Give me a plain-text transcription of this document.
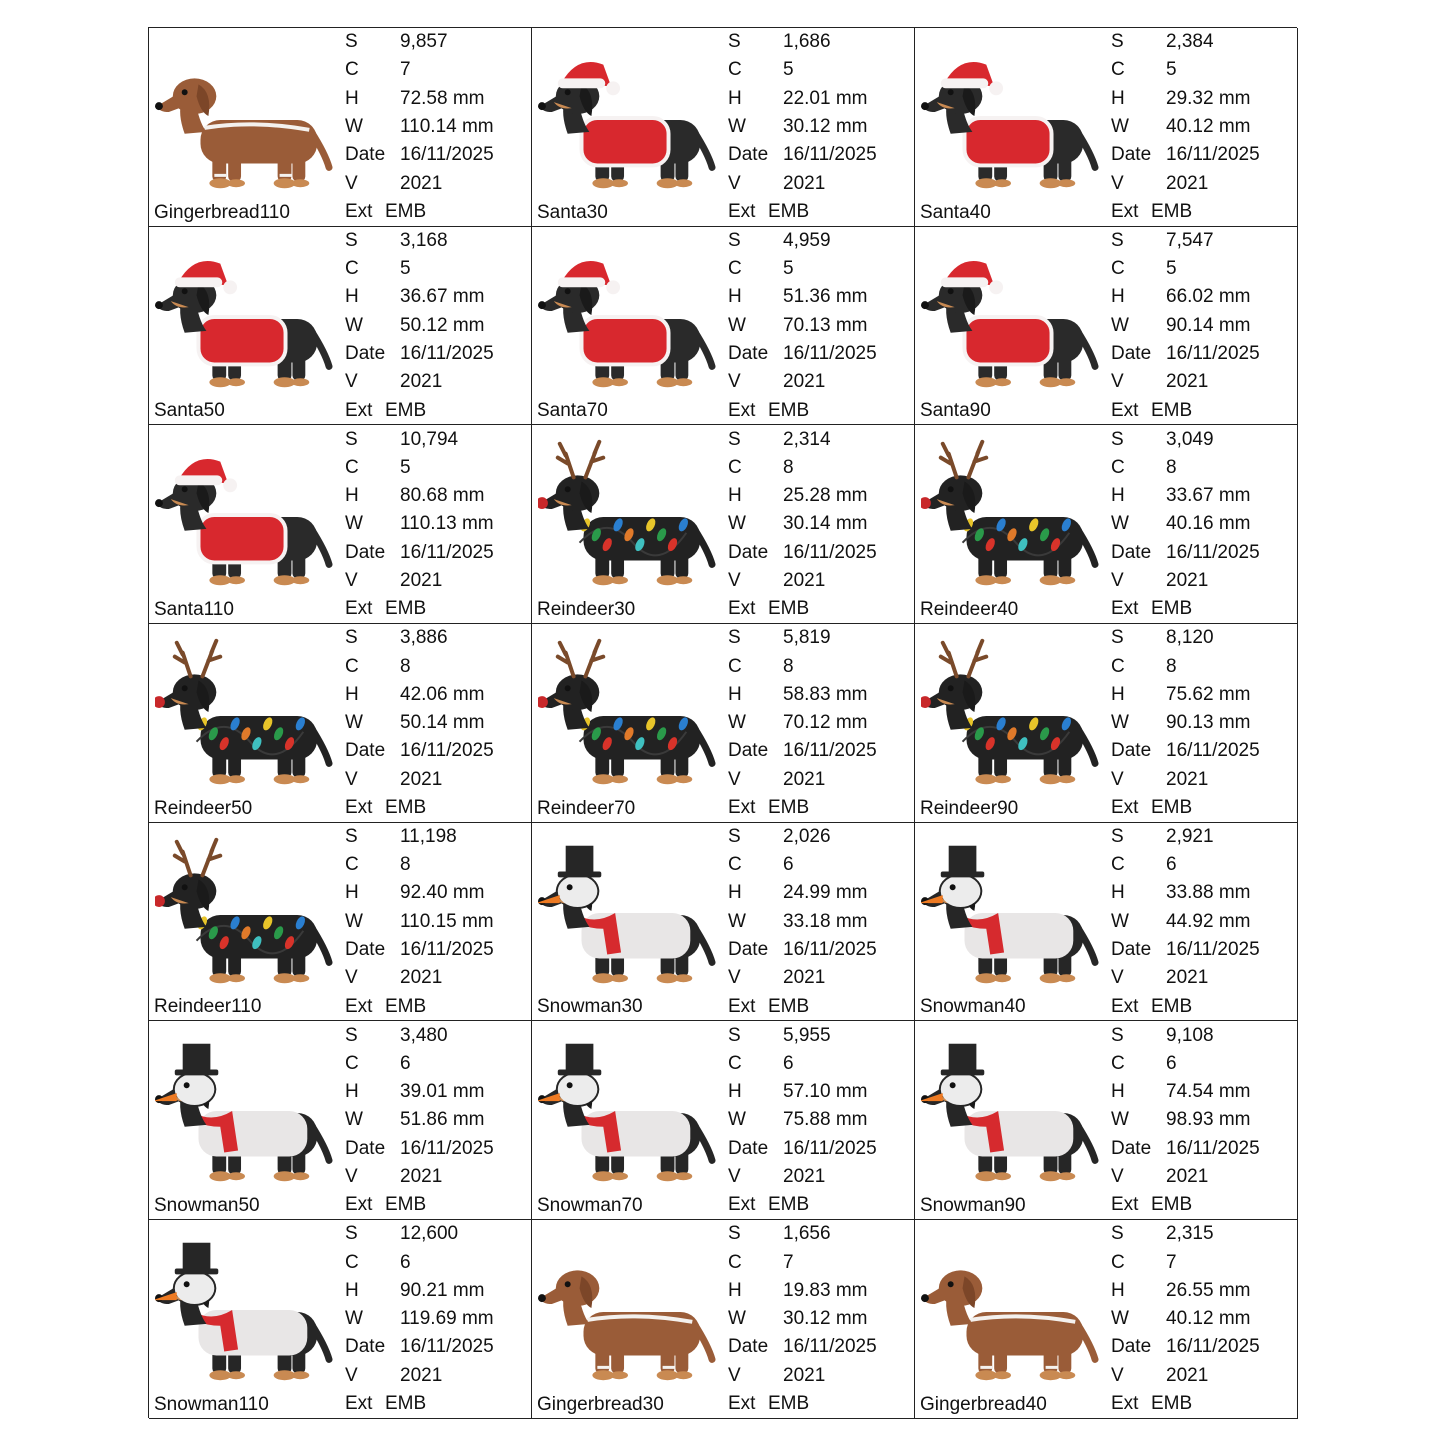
S	9,857
C	7
H	72.58 mm
W	110.14 mm
Date 16/11/2025
V	2021
Ext EMB
Gingerbread110
S	1,686
C	5
H	22.01 mm
W	30.12 mm
Date 16/11/2025
V	2021
Ext EMB
Santa30
S	2,384
C	5
H	29.32 mm
W	40.12 mm
Date 16/11/2025
V	2021
Ext EMB
Santa40
S	3,168
C	5
H	36.67 mm
W	50.12 mm
Date 16/11/2025
V	2021
Ext EMB
Santa50
S	4,959
C	5
H	51.36 mm
W	70.13 mm
Date 16/11/2025
V	2021
Ext EMB
Santa70
S	7,547
C	5
H	66.02 mm
W	90.14 mm
Date 16/11/2025
V	2021
Ext EMB
Santa90
S	10,794
C	5
H	80.68 mm
W	110.13 mm
Date 16/11/2025
V	2021
Ext EMB
Santa110
S	2,314
C	8
H	25.28 mm
W	30.14 mm
Date 16/11/2025
V	2021
Ext EMB
Reindeer30
S	3,049
C	8
H	33.67 mm
W	40.16 mm
Date 16/11/2025
V	2021
Ext EMB
Reindeer40
S	3,886
C	8
H	42.06 mm
W	50.14 mm
Date 16/11/2025
V	2021
Ext EMB
Reindeer50
S	5,819
C	8
H	58.83 mm
W	70.12 mm
Date 16/11/2025
V	2021
Ext EMB
Reindeer70
S	8,120
C	8
H	75.62 mm
W	90.13 mm
Date 16/11/2025
V	2021
Ext EMB
Reindeer90
S	11,198
C	8
H	92.40 mm
W	110.15 mm
Date 16/11/2025
V	2021
Ext EMB
Reindeer110
S	2,026
C	6
H	24.99 mm
W	33.18 mm
Date 16/11/2025
V	2021
Ext EMB
Snowman30
S	2,921
C	6
H	33.88 mm
W	44.92 mm
Date 16/11/2025
V	2021
Ext EMB
Snowman40
S	3,480
C	6
H	39.01 mm
W	51.86 mm
Date 16/11/2025
V	2021
Ext EMB
Snowman50
S	5,955
C	6
H	57.10 mm
W	75.88 mm
Date 16/11/2025
V	2021
Ext EMB
Snowman70
S	9,108
C	6
H	74.54 mm
W	98.93 mm
Date 16/11/2025
V	2021
Ext EMB
Snowman90
S	12,600
C	6
H	90.21 mm
W	119.69 mm
Date 16/11/2025
V	2021
Ext EMB
Snowman110
S	1,656
C	7
H	19.83 mm
W	30.12 mm
Date 16/11/2025
V	2021
Ext EMB
Gingerbread30
S	2,315
C	7
H	26.55 mm
W	40.12 mm
Date 16/11/2025
V	2021
Ext EMB
Gingerbread40
